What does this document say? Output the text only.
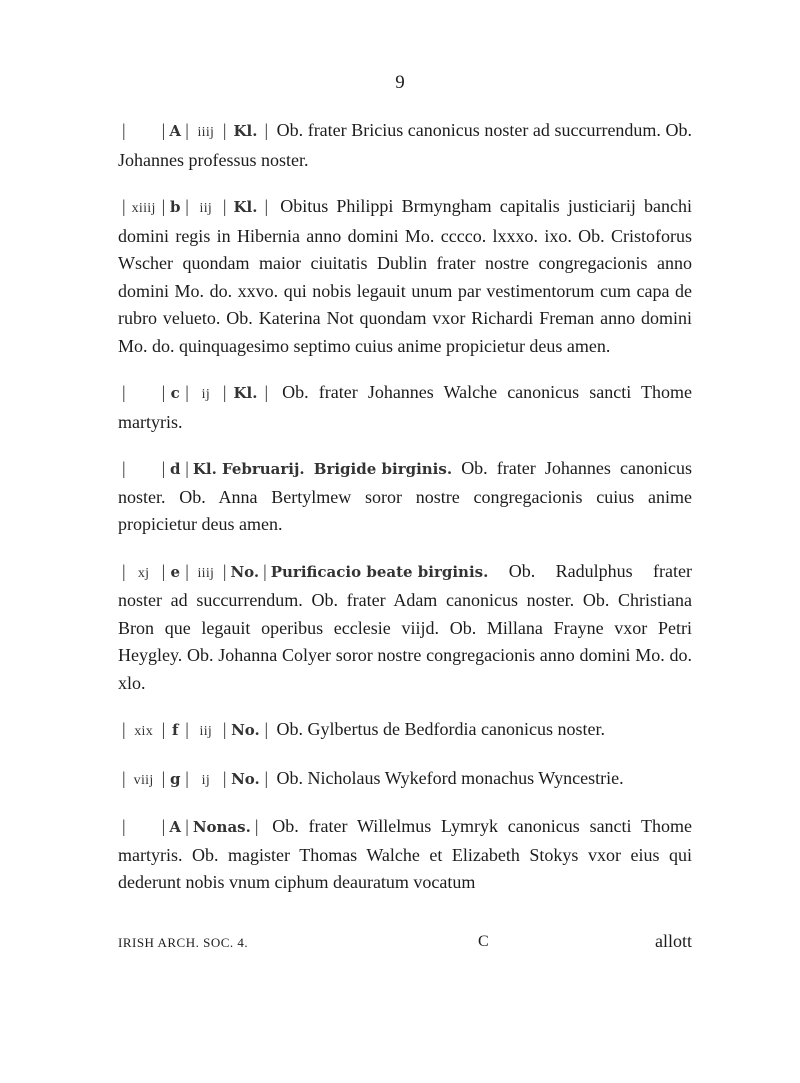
9
| | A | iiij | Kl. | Ob. frater Bricius canonicus noster ad succurrendum. Ob. Johannes professus noster.
| xiiij | b | iij | Kl. | Obitus Philippi Brmyngham capitalis justiciarij banchi domini regis in Hibernia anno domini Mo. cccco. lxxxo. ixo. Ob. Cristoforus Wscher quondam maior ciuitatis Dublin frater nostre congregacionis anno domini Mo. do. xxvo. qui nobis legauit unum par vestimentorum cum capa de rubro velueto. Ob. Katerina Not quondam vxor Richardi Freman anno domini Mo. do. quinquagesimo septimo cuius anime propicietur deus amen.
| | c | ij | Kl. | Ob. frater Johannes Walche canonicus sancti Thome martyris.
| | d | Kl. Februarij. Brigide birginis. Ob. frater Johannes canonicus noster. Ob. Anna Bertylmew soror nostre congregacionis cuius anime propicietur deus amen.
| xj | e | iiij | No. | Purificacio beate birginis. Ob. Radulphus frater noster ad succurrendum. Ob. frater Adam canonicus noster. Ob. Christiana Bron que legauit operibus ecclesie viijd. Ob. Millana Frayne vxor Petri Heygley. Ob. Johanna Colyer soror nostre congregacionis anno domini Mo. do. xlo.
| xix | f | iij | No. | Ob. Gylbertus de Bedfordia canonicus noster.
| viij | g | ij | No. | Ob. Nicholaus Wykeford monachus Wyncestrie.
| | A | Nonas. | Ob. frater Willelmus Lymryk canonicus sancti Thome martyris. Ob. magister Thomas Walche et Elizabeth Stokys vxor eius qui dederunt nobis vnum ciphum deauratum vocatum
IRISH ARCH. SOC. 4.	C	allott
